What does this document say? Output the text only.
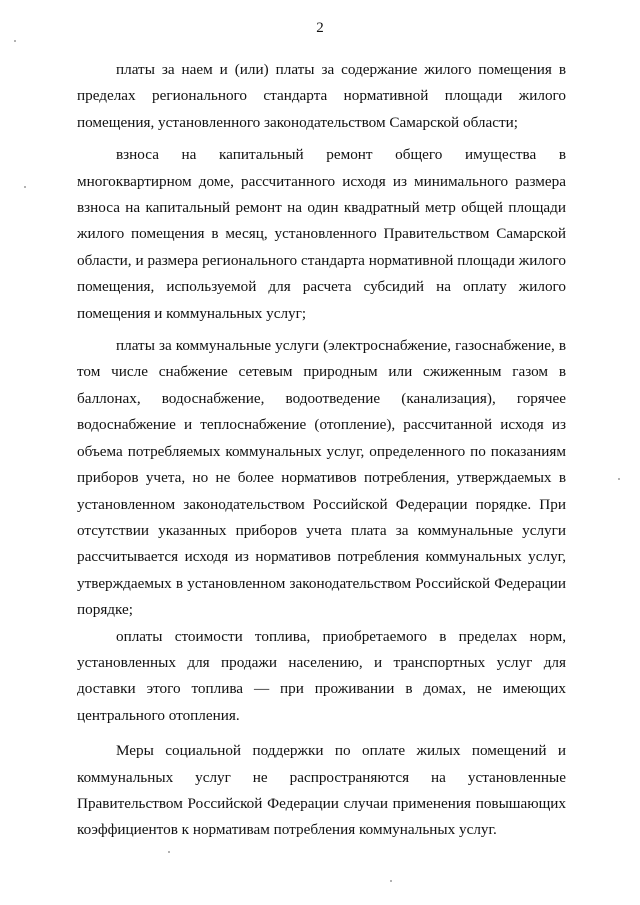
2

платы за наем и (или) платы за содержание жилого помещения в пределах регионального стандарта нормативной площади жилого помещения, установленного законодательством Самарской области;

взноса на капитальный ремонт общего имущества в многоквартирном доме, рассчитанного исходя из минимального размера взноса на капитальный ремонт на один квадратный метр общей площади жилого помещения в месяц, установленного Правительством Самарской области, и размера регионального стандарта нормативной площади жилого помещения, используемой для расчета субсидий на оплату жилого помещения и коммунальных услуг;

платы за коммунальные услуги (электроснабжение, газоснабжение, в том числе снабжение сетевым природным или сжиженным газом в баллонах, водоснабжение, водоотведение (канализация), горячее водоснабжение и теплоснабжение (отопление), рассчитанной исходя из объема потребляемых коммунальных услуг, определенного по показаниям приборов учета, но не более нормативов потребления, утверждаемых в установленном законодательством Российской Федерации порядке. При отсутствии указанных приборов учета плата за коммунальные услуги рассчитывается исходя из нормативов потребления коммунальных услуг, утверждаемых в установленном законодательством Российской Федерации порядке;

оплаты стоимости топлива, приобретаемого в пределах норм, установленных для продажи населению, и транспортных услуг для доставки этого топлива — при проживании в домах, не имеющих центрального отопления.

Меры социальной поддержки по оплате жилых помещений и коммунальных услуг не распространяются на установленные Правительством Российской Федерации случаи применения повышающих коэффициентов к нормативам потребления коммунальных услуг.
